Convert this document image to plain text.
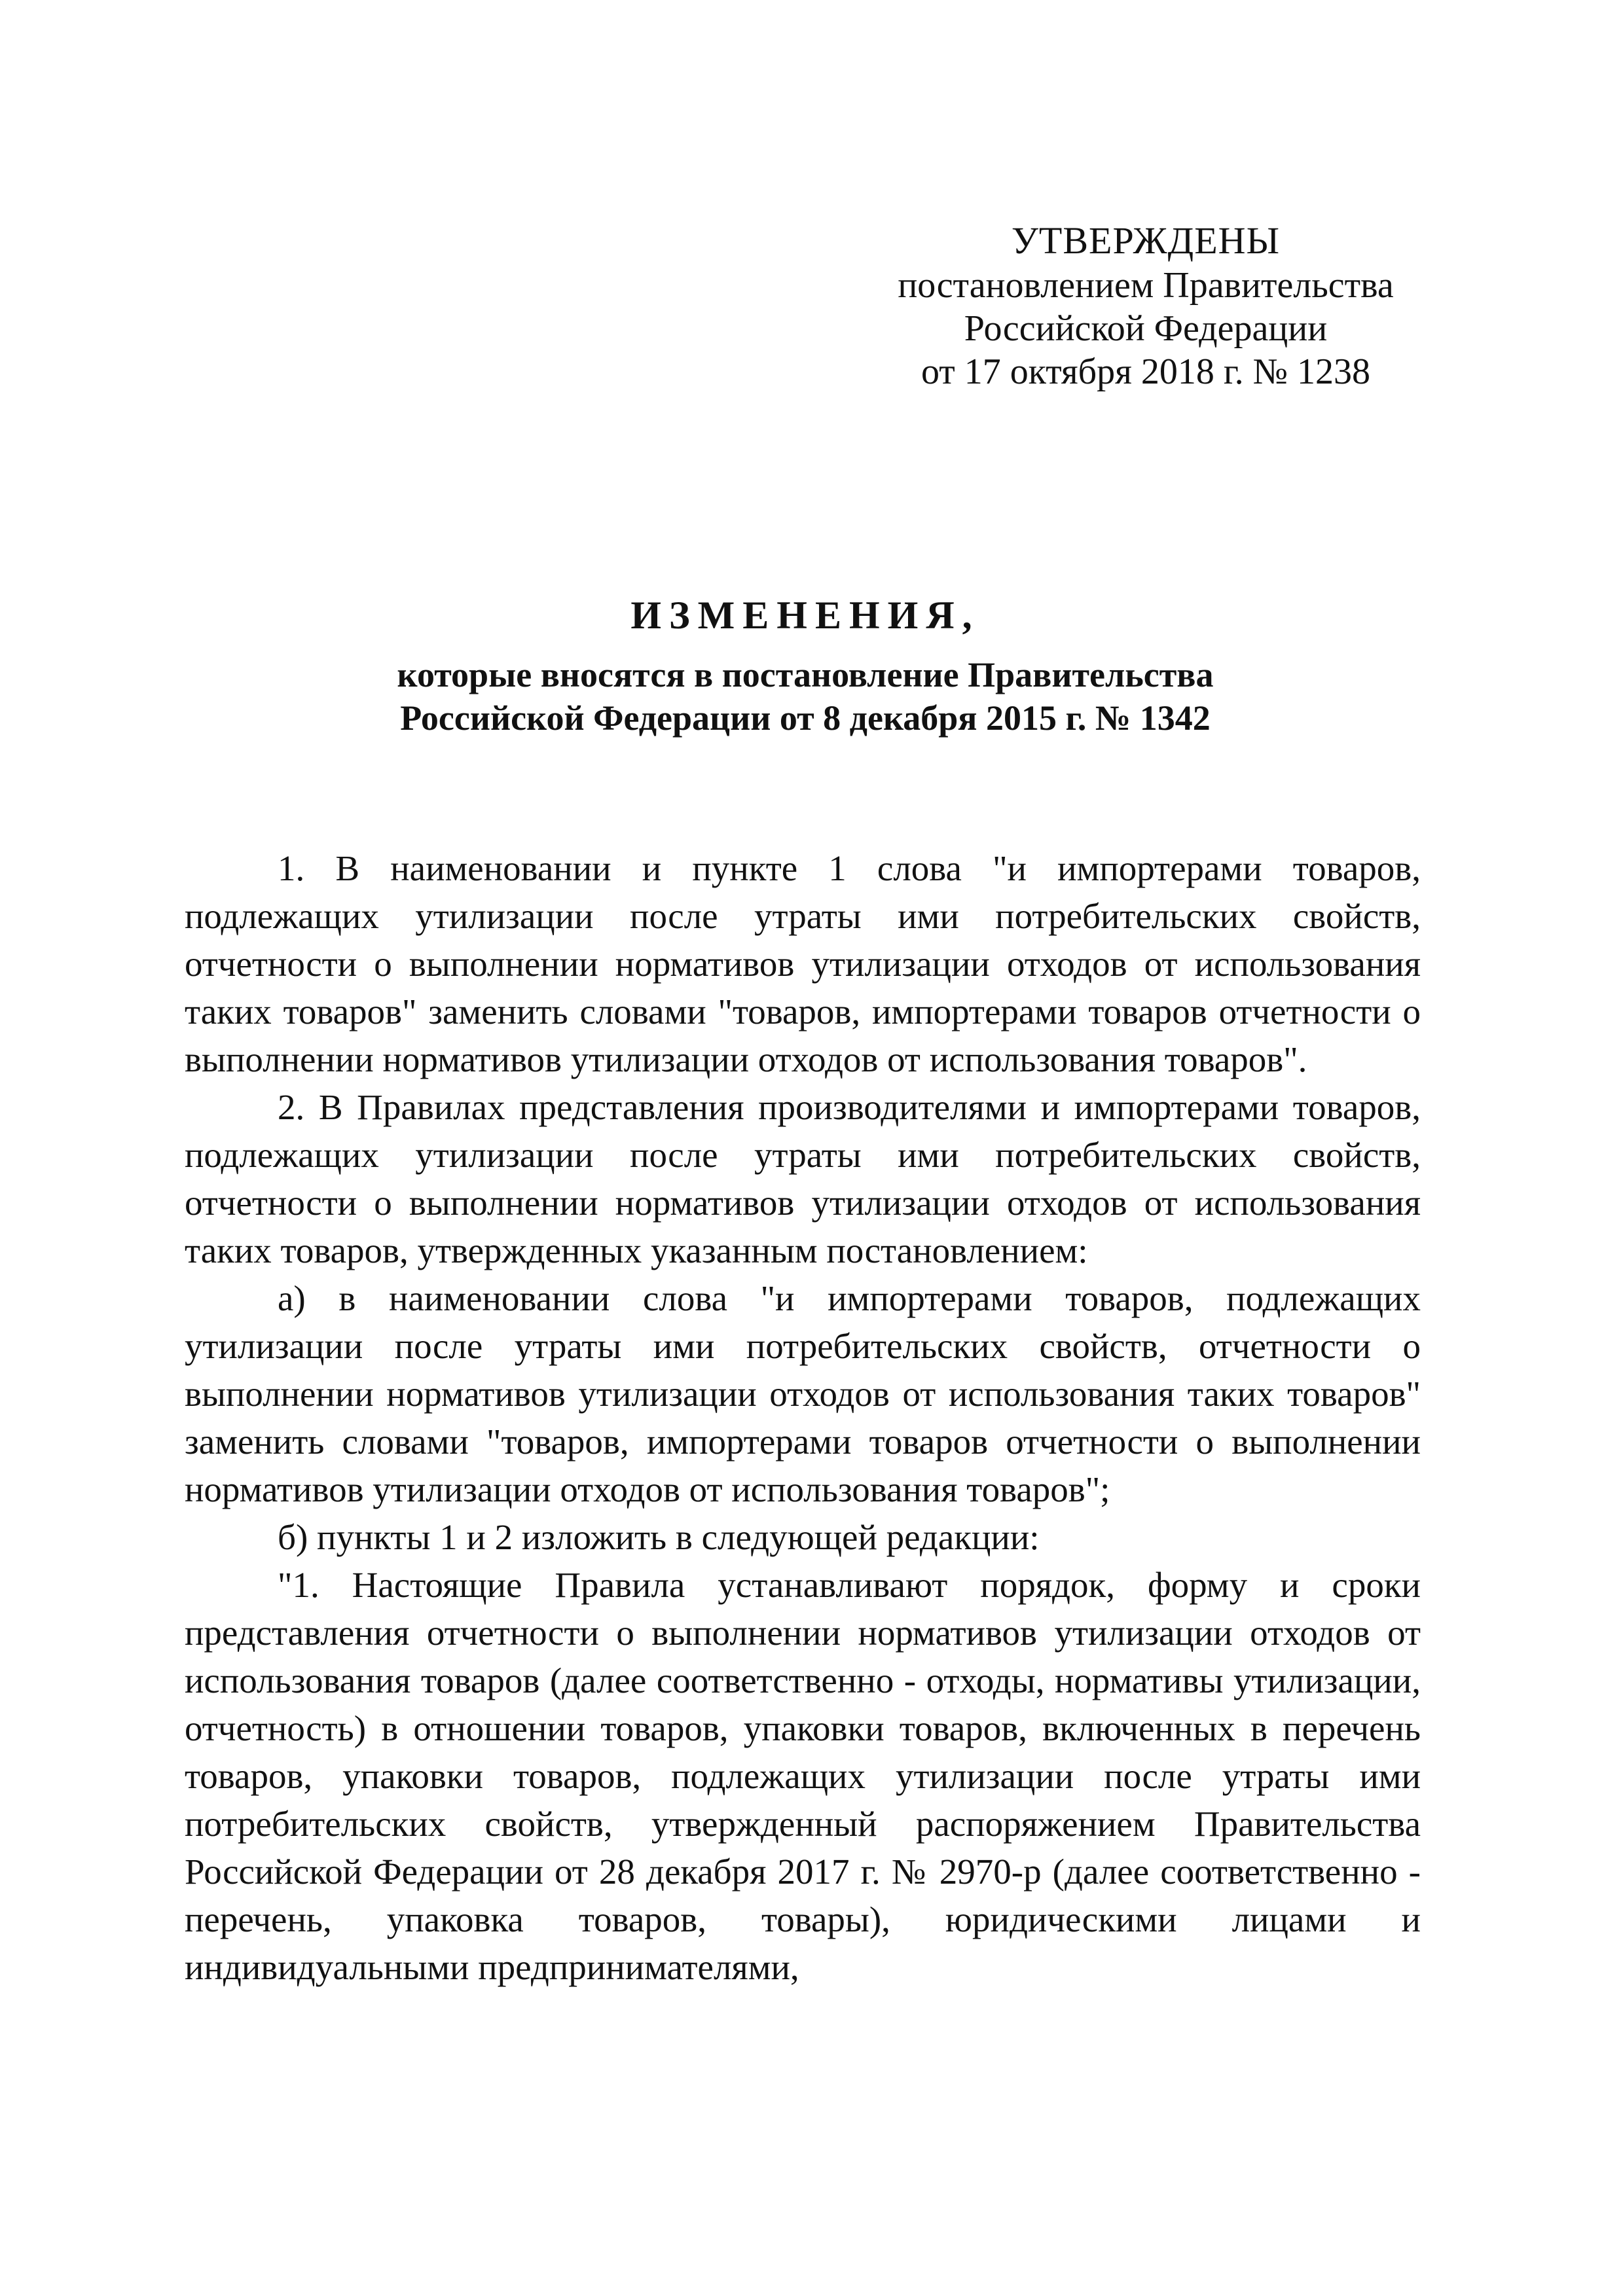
УТВЕРЖДЕНЫ
постановлением Правительства
Российской Федерации
от 17 октября 2018 г. № 1238
ИЗМЕНЕНИЯ,
которые вносятся в постановление Правительства
Российской Федерации от 8 декабря 2015 г. № 1342

1. В наименовании и пункте 1 слова "и импортерами товаров, подлежащих утилизации после утраты ими потребительских свойств, отчетности о выполнении нормативов утилизации отходов от использования таких товаров" заменить словами "товаров, импортерами товаров отчетности о выполнении нормативов утилизации отходов от использования товаров".

2. В Правилах представления производителями и импортерами товаров, подлежащих утилизации после утраты ими потребительских свойств, отчетности о выполнении нормативов утилизации отходов от использования таких товаров, утвержденных указанным постановлением:

а) в наименовании слова "и импортерами товаров, подлежащих утилизации после утраты ими потребительских свойств, отчетности о выполнении нормативов утилизации отходов от использования таких товаров" заменить словами "товаров, импортерами товаров отчетности о выполнении нормативов утилизации отходов от использования товаров";

б) пункты 1 и 2 изложить в следующей редакции:

"1. Настоящие Правила устанавливают порядок, форму и сроки представления отчетности о выполнении нормативов утилизации отходов от использования товаров (далее соответственно - отходы, нормативы утилизации, отчетность) в отношении товаров, упаковки товаров, включенных в перечень товаров, упаковки товаров, подлежащих утилизации после утраты ими потребительских свойств, утвержденный распоряжением Правительства Российской Федерации от 28 декабря 2017 г. № 2970-р (далее соответственно - перечень, упаковка товаров, товары), юридическими лицами и индивидуальными предпринимателями,
